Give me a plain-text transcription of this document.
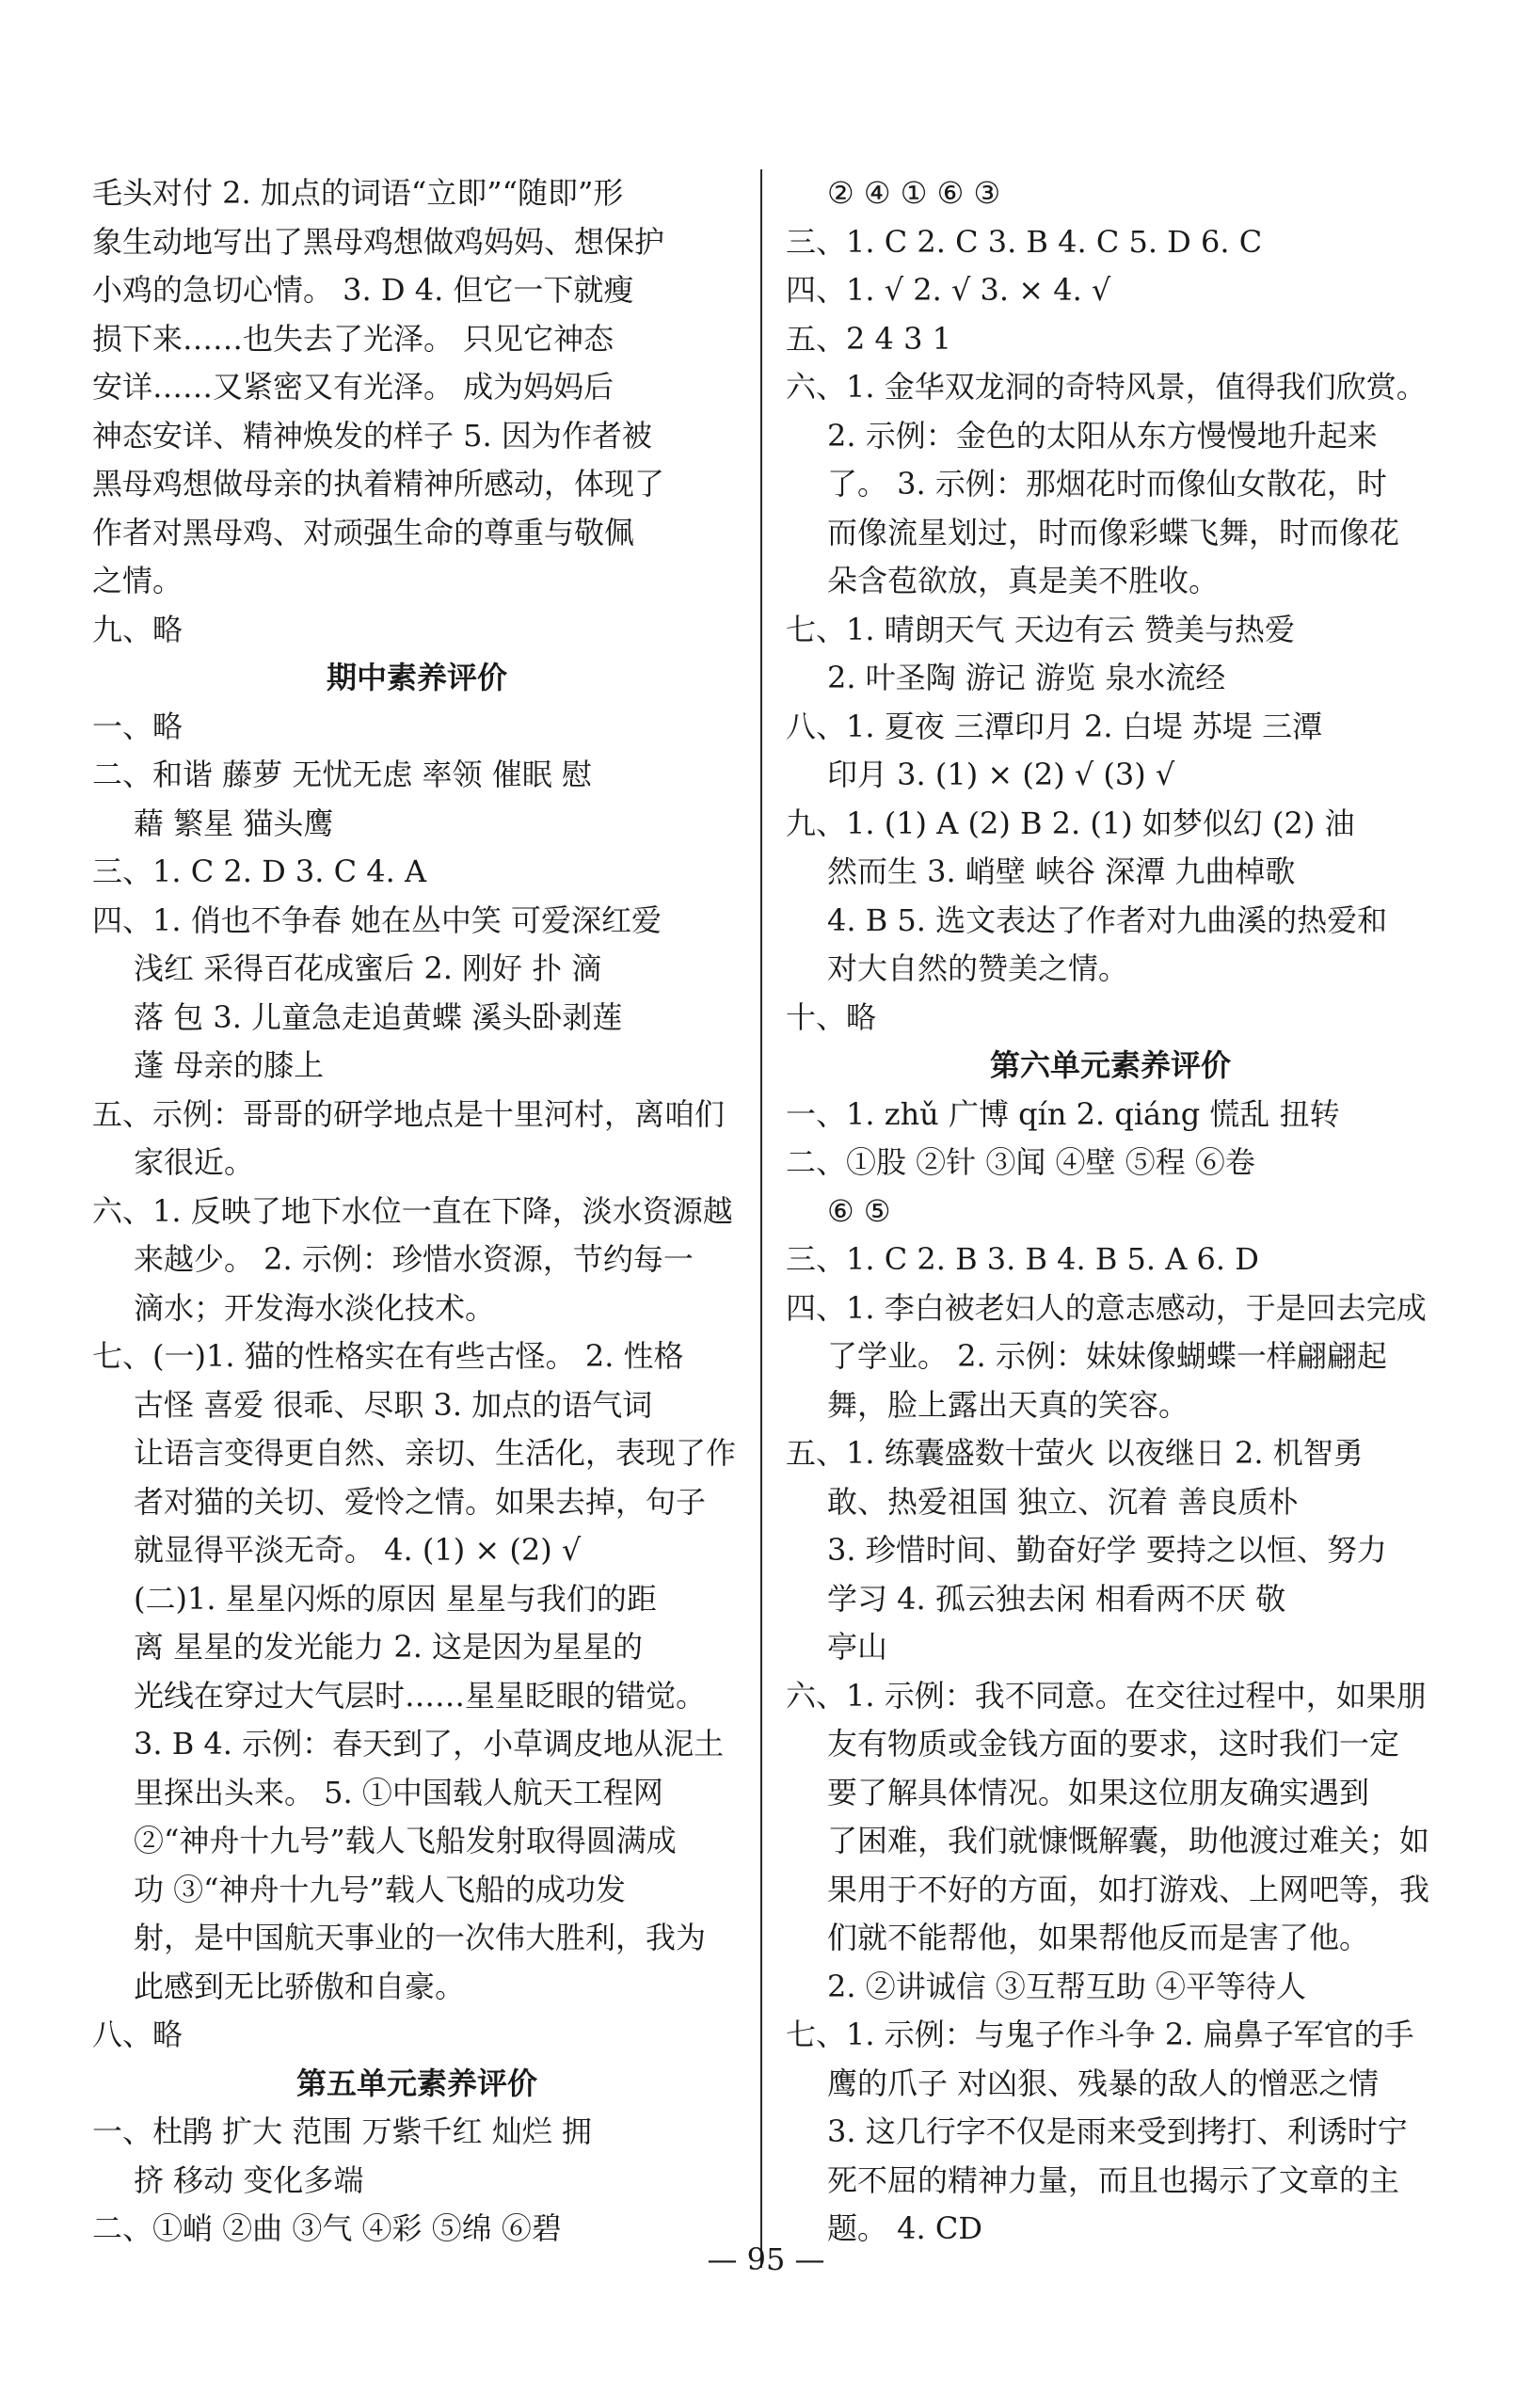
毛头对付 2. 加点的词语“立即”“随即”形
象生动地写出了黑母鸡想做鸡妈妈、想保护
小鸡的急切心情。 3. D 4. 但它一下就瘦
损下来……也失去了光泽。 只见它神态
安详……又紧密又有光泽。 成为妈妈后
神态安详、精神焕发的样子 5. 因为作者被
黑母鸡想做母亲的执着精神所感动，体现了
作者对黑母鸡、对顽强生命的尊重与敬佩
之情。
九、略
期中素养评价
一、略
二、和谐 藤萝 无忧无虑 率领 催眠 慰
藉 繁星 猫头鹰
三、1. C 2. D 3. C 4. A
四、1. 俏也不争春 她在丛中笑 可爱深红爱
浅红 采得百花成蜜后 2. 刚好 扑 滴
落 包 3. 儿童急走追黄蝶 溪头卧剥莲
蓬 母亲的膝上
五、示例：哥哥的研学地点是十里河村，离咱们
家很近。
六、1. 反映了地下水位一直在下降，淡水资源越
来越少。 2. 示例：珍惜水资源，节约每一
滴水；开发海水淡化技术。
七、(一)1. 猫的性格实在有些古怪。 2. 性格
古怪 喜爱 很乖、尽职 3. 加点的语气词
让语言变得更自然、亲切、生活化，表现了作
者对猫的关切、爱怜之情。如果去掉，句子
就显得平淡无奇。 4. (1) × (2) √
(二)1. 星星闪烁的原因 星星与我们的距
离 星星的发光能力 2. 这是因为星星的
光线在穿过大气层时……星星眨眼的错觉。
3. B 4. 示例：春天到了，小草调皮地从泥土
里探出头来。 5. ①中国载人航天工程网
②“神舟十九号”载人飞船发射取得圆满成
功 ③“神舟十九号”载人飞船的成功发
射，是中国航天事业的一次伟大胜利，我为
此感到无比骄傲和自豪。
八、略
第五单元素养评价
一、杜鹃 扩大 范围 万紫千红 灿烂 拥
挤 移动 变化多端
二、①峭 ②曲 ③气 ④彩 ⑤绵 ⑥碧
② ④ ① ⑥ ③
三、1. C 2. C 3. B 4. C 5. D 6. C
四、1. √ 2. √ 3. × 4. √
五、2 4 3 1
六、1. 金华双龙洞的奇特风景，值得我们欣赏。
2. 示例：金色的太阳从东方慢慢地升起来
了。 3. 示例：那烟花时而像仙女散花，时
而像流星划过，时而像彩蝶飞舞，时而像花
朵含苞欲放，真是美不胜收。
七、1. 晴朗天气 天边有云 赞美与热爱
2. 叶圣陶 游记 游览 泉水流经
八、1. 夏夜 三潭印月 2. 白堤 苏堤 三潭
印月 3. (1) × (2) √ (3) √
九、1. (1) A (2) B 2. (1) 如梦似幻 (2) 油
然而生 3. 峭壁 峡谷 深潭 九曲棹歌
4. B 5. 选文表达了作者对九曲溪的热爱和
对大自然的赞美之情。
十、略
第六单元素养评价
一、1. zhǔ 广博 qín 2. qiáng 慌乱 扭转
二、①股 ②针 ③闻 ④壁 ⑤程 ⑥卷
⑥ ⑤
三、1. C 2. B 3. B 4. B 5. A 6. D
四、1. 李白被老妇人的意志感动，于是回去完成
了学业。 2. 示例：妹妹像蝴蝶一样翩翩起
舞，脸上露出天真的笑容。
五、1. 练囊盛数十萤火 以夜继日 2. 机智勇
敢、热爱祖国 独立、沉着 善良质朴
3. 珍惜时间、勤奋好学 要持之以恒、努力
学习 4. 孤云独去闲 相看两不厌 敬
亭山
六、1. 示例：我不同意。在交往过程中，如果朋
友有物质或金钱方面的要求，这时我们一定
要了解具体情况。如果这位朋友确实遇到
了困难，我们就慷慨解囊，助他渡过难关；如
果用于不好的方面，如打游戏、上网吧等，我
们就不能帮他，如果帮他反而是害了他。
2. ②讲诚信 ③互帮互助 ④平等待人
七、1. 示例：与鬼子作斗争 2. 扁鼻子军官的手
鹰的爪子 对凶狠、残暴的敌人的憎恶之情
3. 这几行字不仅是雨来受到拷打、利诱时宁
死不屈的精神力量，而且也揭示了文章的主
题。 4. CD
— 95 —
